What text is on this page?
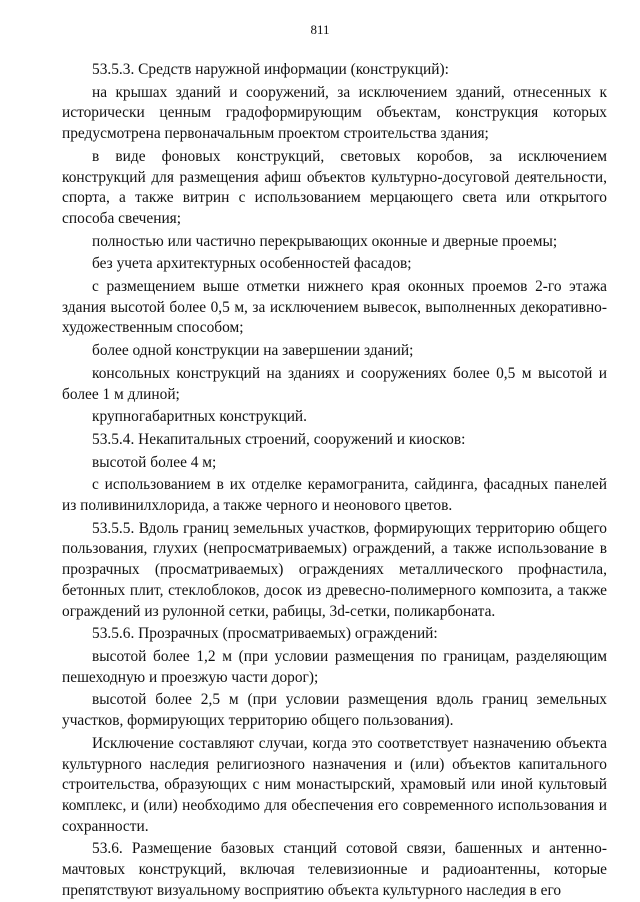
811

53.5.3. Средств наружной информации (конструкций):

на крышах зданий и сооружений, за исключением зданий, отнесенных к исторически ценным градоформирующим объектам, конструкция которых предусмотрена первоначальным проектом строительства здания;

в виде фоновых конструкций, световых коробов, за исключением конструкций для размещения афиш объектов культурно-досуговой деятельности, спорта, а также витрин с использованием мерцающего света или открытого способа свечения;

полностью или частично перекрывающих оконные и дверные проемы;

без учета архитектурных особенностей фасадов;

с размещением выше отметки нижнего края оконных проемов 2-го этажа здания высотой более 0,5 м, за исключением вывесок, выполненных декоративно-художественным способом;

более одной конструкции на завершении зданий;

консольных конструкций на зданиях и сооружениях более 0,5 м высотой и более 1 м длиной;

крупногабаритных конструкций.

53.5.4. Некапитальных строений, сооружений и киосков:

высотой более 4 м;

с использованием в их отделке керамогранита, сайдинга, фасадных панелей из поливинилхлорида, а также черного и неонового цветов.

53.5.5. Вдоль границ земельных участков, формирующих территорию общего пользования, глухих (непросматриваемых) ограждений, а также использование в прозрачных (просматриваемых) ограждениях металлического профнастила, бетонных плит, стеклоблоков, досок из древесно-полимерного композита, а также ограждений из рулонной сетки, рабицы, 3d-сетки, поликарбоната.

53.5.6. Прозрачных (просматриваемых) ограждений:

высотой более 1,2 м (при условии размещения по границам, разделяющим пешеходную и проезжую части дорог);

высотой более 2,5 м (при условии размещения вдоль границ земельных участков, формирующих территорию общего пользования).

Исключение составляют случаи, когда это соответствует назначению объекта культурного наследия религиозного назначения и (или) объектов капитального строительства, образующих с ним монастырский, храмовый или иной культовый комплекс, и (или) необходимо для обеспечения его современного использования и сохранности.

53.6. Размещение базовых станций сотовой связи, башенных и антенно-мачтовых конструкций, включая телевизионные и радиоантенны, которые препятствуют визуальному восприятию объекта культурного наследия в его
